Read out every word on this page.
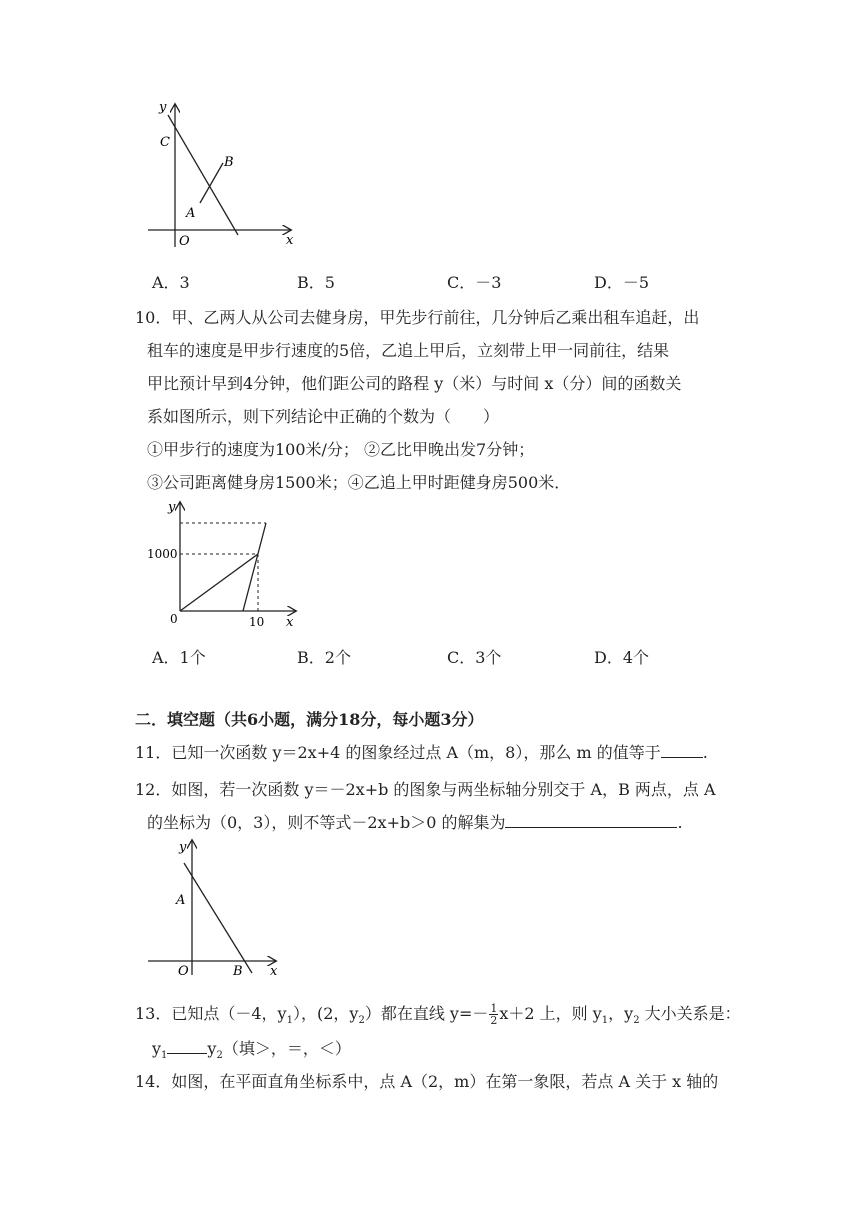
y
C
B
A
O	x
A．3	B．5	C．－3	D．－5
10．甲、乙两人从公司去健身房，甲先步行前往，几分钟后乙乘出租车追赶，出
租车的速度是甲步行速度的5倍，乙追上甲后，立刻带上甲一同前往，结果
甲比预计早到4分钟，他们距公司的路程 y（米）与时间 x（分）间的函数关
系如图所示，则下列结论中正确的个数为（　　）
①甲步行的速度为100米/分； ②乙比甲晚出发7分钟；
③公司距离健身房1500米；④乙追上甲时距健身房500米．
y
1000
0	10 x
A．1个	B．2个	C．3个	D．4个
二．填空题（共6小题，满分18分，每小题3分）
11．已知一次函数 y＝2x+4 的图象经过点 A（m，8），那么 m 的值等于	.
12．如图，若一次函数 y＝－2x+b 的图象与两坐标轴分别交于 A，B 两点，点 A
的坐标为（0，3），则不等式－2x+b＞0 的解集为	.
y
A
O	B x
13．已知点（－4，$y_1$），(2，$y_2$）都在直线 $y=- \frac{1}{2} x+2$ 上，则 $y_1$，$y_2$ 大小关系是：
$y_1$	$y_2$（填＞，＝，＜）
14．如图，在平面直角坐标系中，点 A（2，m）在第一象限，若点 A 关于 x 轴的
